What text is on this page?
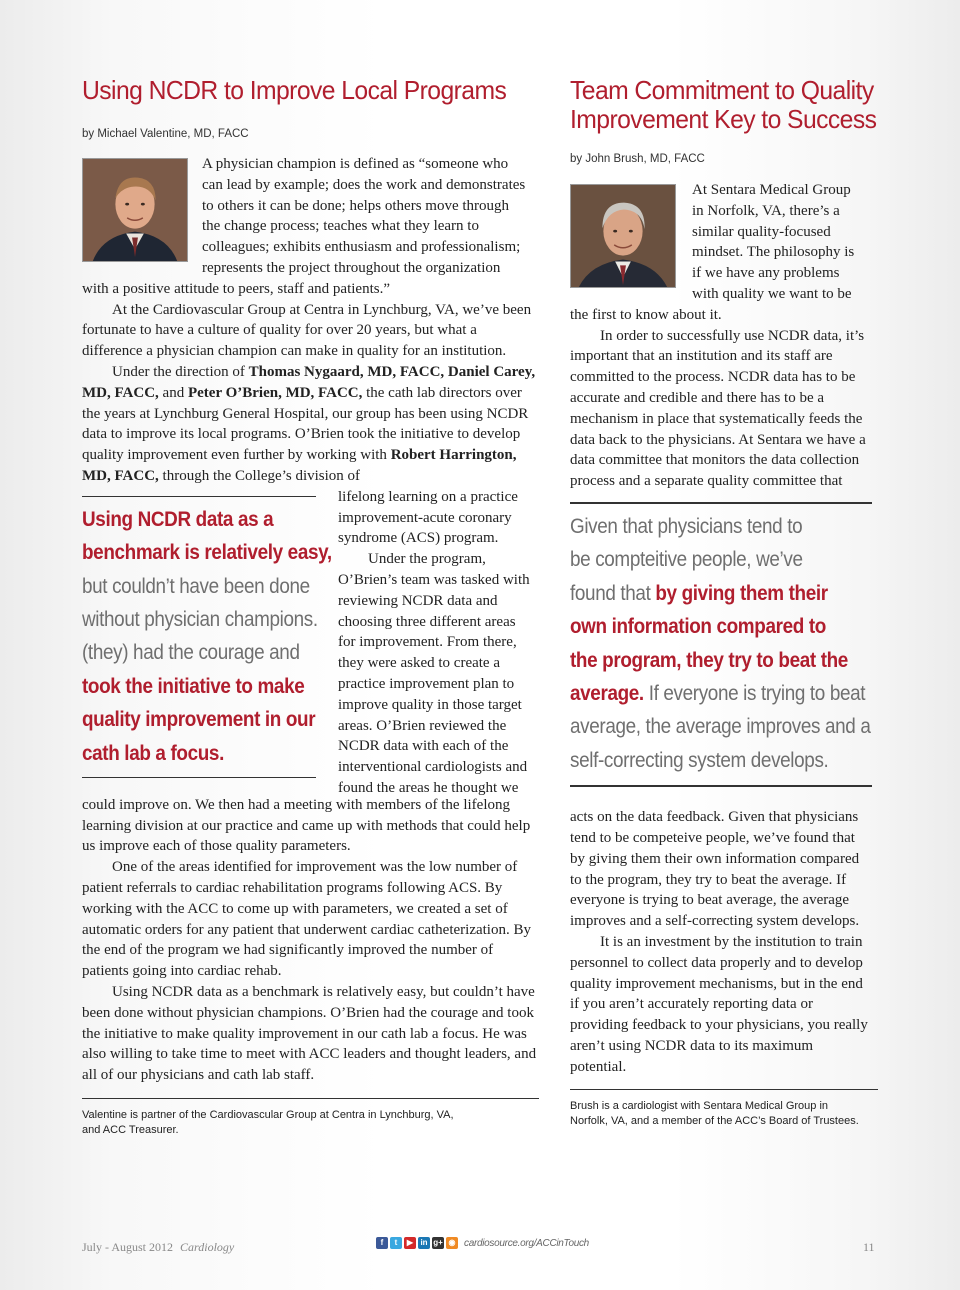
Using NCDR to Improve Local Programs
by Michael Valentine, MD, FACC
A physician champion is defined as “someone who
can lead by example; does the work and demonstrates
to others it can be done; helps others move through
the change process; teaches what they learn to
colleagues; exhibits enthusiasm and professionalism;
represents the project throughout the organization
with a positive attitude to peers, staff and patients.”

At the Cardiovascular Group at Centra in Lynchburg, VA, we’ve been fortunate to have a culture of quality for over 20 years, but what a difference a physician champion can make in quality for an institution.

Under the direction of Thomas Nygaard, MD, FACC, Daniel Carey, MD, FACC, and Peter O’Brien, MD, FACC, the cath lab directors over the years at Lynchburg General Hospital, our group has been using NCDR data to improve its local programs. O’Brien took the initiative to develop quality improvement even further by working with Robert Harrington, MD, FACC, through the College’s division of

Using NCDR data as a
benchmark is relatively easy,
but couldn’t have been done
without physician champions.
(they) had the courage and
took the initiative to make
quality improvement in our
cath lab a focus.
lifelong learning on a practice
improvement-acute coronary
syndrome (ACS) program.
Under the program,
O’Brien’s team was tasked with
reviewing NCDR data and
choosing three different areas
for improvement. From there,
they were asked to create a
practice improvement plan to
improve quality in those target
areas. O’Brien reviewed the
NCDR data with each of the
interventional cardiologists and
found the areas he thought we
could improve on. We then had a meeting with members of the lifelong learning division at our practice and came up with methods that could help us improve each of those quality parameters.

One of the areas identified for improvement was the low number of patient referrals to cardiac rehabilitation programs following ACS. By working with the ACC to come up with parameters, we created a set of automatic orders for any patient that underwent cardiac catheterization. By the end of the program we had significantly improved the number of patients going into cardiac rehab.

Using NCDR data as a benchmark is relatively easy, but couldn’t have been done without physician champions. O’Brien had the courage and took the initiative to make quality improvement in our cath lab a focus. He was also willing to take time to meet with ACC leaders and thought leaders, and all of our physicians and cath lab staff.

Valentine is partner of the Cardiovascular Group at Centra in Lynchburg, VA,
and ACC Treasurer.
Team Commitment to Quality
Improvement Key to Success
by John Brush, MD, FACC
At Sentara Medical Group
in Norfolk, VA, there’s a
similar quality-focused
mindset. The philosophy is
if we have any problems
with quality we want to be
the first to know about it.

In order to successfully use NCDR data, it’s important that an institution and its staff are committed to the process. NCDR data has to be accurate and credible and there has to be a mechanism in place that systematically feeds the data back to the physicians. At Sentara we have a data committee that monitors the data collection process and a separate quality committee that

Given that physicians tend to
be compteitive people, we’ve
found that by giving them their
own information compared to
the program, they try to beat the
average. If everyone is trying to beat
average, the average improves and a
self-correcting system develops.
acts on the data feedback. Given that physicians tend to be competeive people, we’ve found that by giving them their own information compared to the program, they try to beat the average. If everyone is trying to beat average, the average improves and a self-correcting system develops.

It is an investment by the institution to train personnel to collect data properly and to develop quality improvement mechanisms, but in the end if you aren’t accurately reporting data or providing feedback to your physicians, you really aren’t using NCDR data to its maximum potential.

Brush is a cardiologist with Sentara Medical Group in
Norfolk, VA, and a member of the ACC’s Board of Trustees.
July - August 2012 Cardiology	f	t	▶ in g+ ◉ cardiosource.org/ACCinTouch	11
